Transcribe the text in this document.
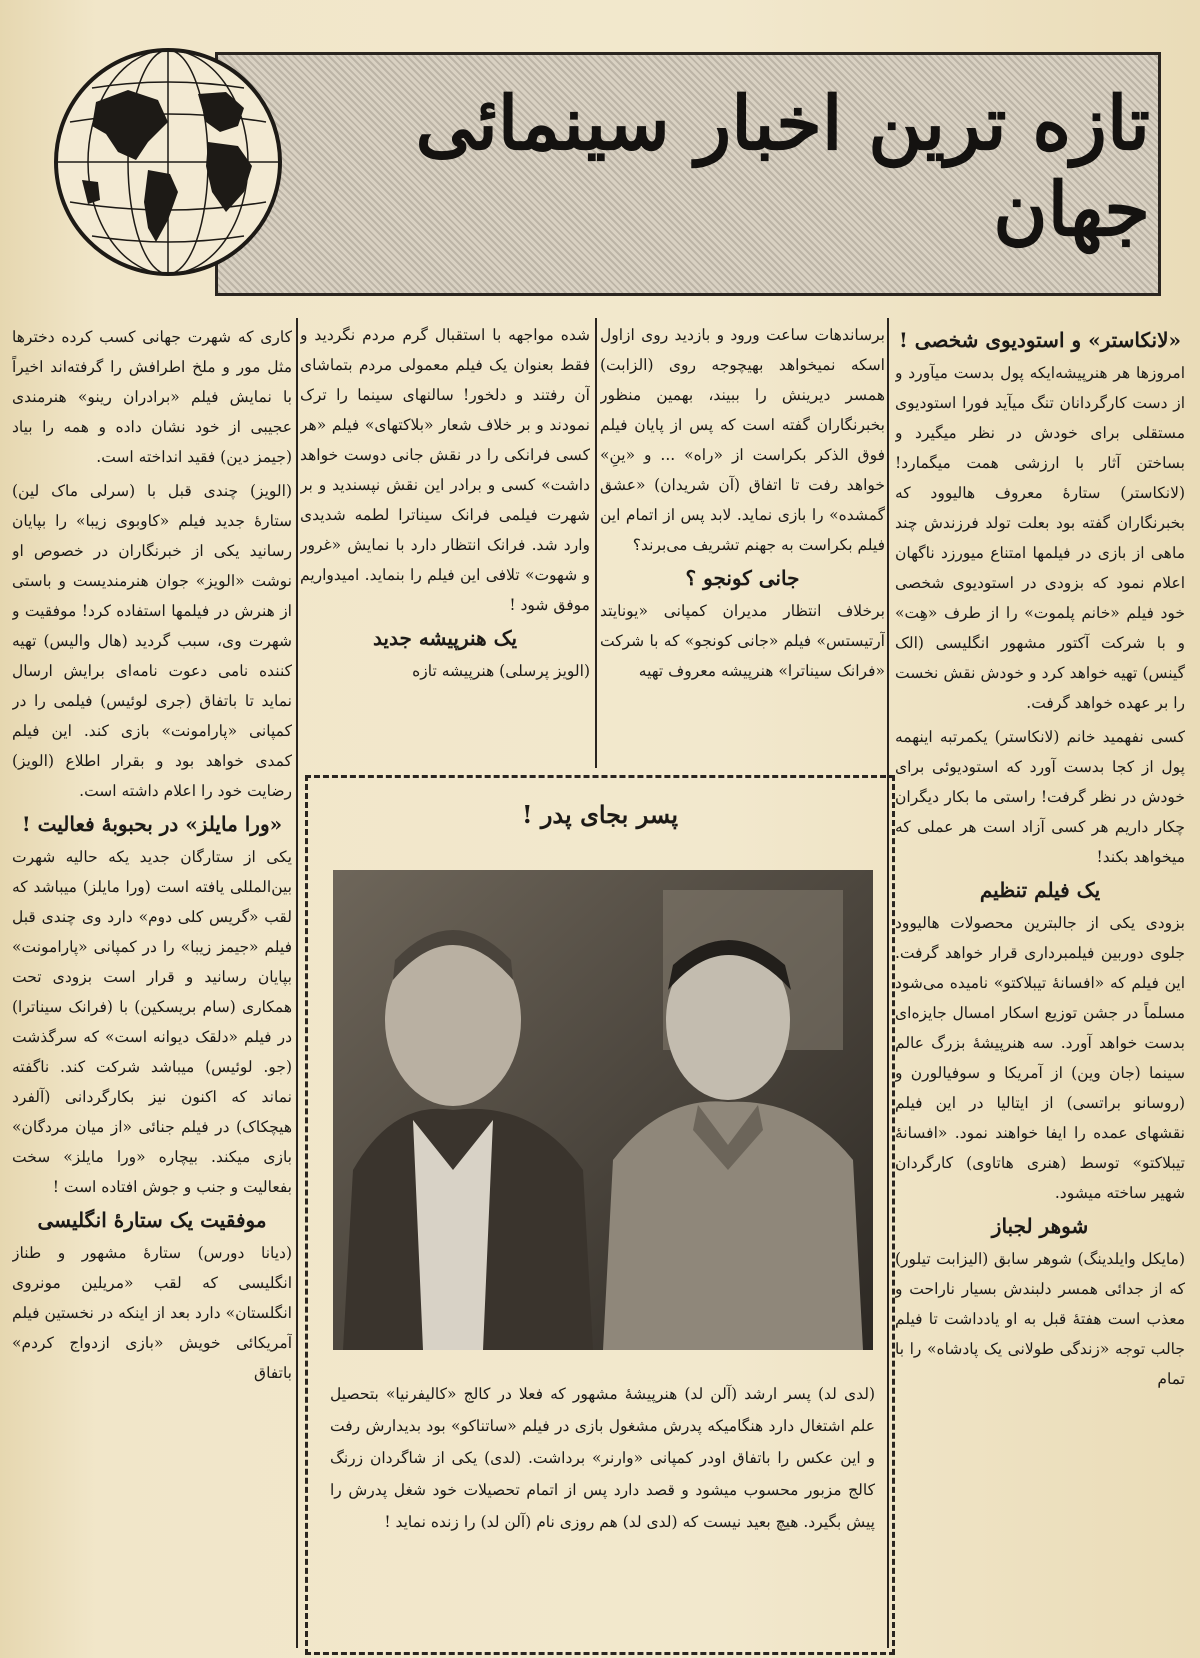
تازه ترین اخبار سینمائی جهان
«لانکاستر» و استودیوی شخصی !

امروزها هر هنرپیشه‌ایکه پول بدست میآورد و از دست کارگردانان تنگ میآید فورا استودیوی مستقلی برای خودش در نظر میگیرد و بساختن آثار با ارزشی همت میگمارد! (لانکاستر) ستارهٔ معروف هالیوود که بخبرنگاران گفته بود بعلت تولد فرزندش چند ماهی از بازی در فیلمها امتناع میورزد ناگهان اعلام نمود که بزودی در استودیوی شخصی خود فیلم «خانم پلموت» را از طرف «هِت» و با شرکت آکتور مشهور انگلیسی (الک گینس) تهیه خواهد کرد و خودش نقش نخست را بر عهده خواهد گرفت.

کسی نفهمید خانم (لانکاستر) یکمرتبه اینهمه پول از کجا بدست آورد که استودیوئی برای خودش در نظر گرفت! راستی ما بکار دیگران چکار داریم هر کسی آزاد است هر عملی که میخواهد بکند!

یک فیلم تنظیم

بزودی یکی از جالبترین محصولات هالیوود جلوی دوربین فیلمبرداری قرار خواهد گرفت. این فیلم که «افسانهٔ تیبلاکتو» نامیده می‌شود مسلماً در جشن توزیع اسکار امسال جایزه‌ای بدست خواهد آورد. سه هنرپیشهٔ بزرگ عالم سینما (جان وین) از آمریکا و سوفیالورن و (روسانو براتسی) از ایتالیا در این فیلم نقشهای عمده را ایفا خواهند نمود. «افسانهٔ تیبلاکتو» توسط (هنری هاتاوی) کارگردان شهیر ساخته میشود.

شوهر لجباز

(مایکل وایلدینگ) شوهر سابق (الیزابت تیلور) که از جدائی همسر دلبندش بسیار ناراحت و معذب است هفتهٔ قبل به او یادداشت تا فیلم جالب توجه «زندگی طولانی یک پادشاه» را با تمام

برساندهات ساعت ورود و بازدید روی ازاول اسکه نمیخواهد بهیچوجه روی (الزابت) همسر دیرینش را ببیند، بهمین منظور بخبرنگاران گفته است که پس از پایان فیلم فوق الذکر بکراست از «راه» ... و «ینِ» خواهد رفت تا اتفاق (آن شریدان) «عشق گمشده» را بازی نماید. لابد پس از اتمام این فیلم بکراست به جهنم تشریف می‌برند؟

جانی کونجو ؟

برخلاف انتظار مدیران کمپانی «یونایتد آرتیستس» فیلم «جانی کونجو» که با شرکت «فرانک سیناترا» هنرپیشه معروف تهیه

شده مواجهه با استقبال گرم مردم نگردید و فقط بعنوان یک فیلم معمولی مردم بتماشای آن رفتند و دلخور! سالنهای سینما را ترک نمودند و بر خلاف شعار «بلاکتهای» فیلم «هر کسی فرانکی را در نقش جانی دوست خواهد داشت» کسی و برادر این نقش نپسندید و بر شهرت فیلمی فرانک سیناترا لطمه شدیدی وارد شد. فرانک انتظار دارد با نمایش «غرور و شهوت» تلافی این فیلم را بنماید. امیدواریم موفق شود !

یک هنرپیشه جدید

(الویز پرسلی) هنرپیشه تازه

کاری که شهرت جهانی کسب کرده دخترها مثل مور و ملخ اطرافش را گرفته‌اند اخیراً با نمایش فیلم «برادران رینو» هنرمندی عجیبی از خود نشان داده و همه را بیاد (جیمز دین) فقید انداخته است.

(الویز) چندی قبل با (سرلی ماک لین) ستارهٔ جدید فیلم «کاوبوی زیبا» را بپایان رسانید یکی از خبرنگاران در خصوص او نوشت «الویز» جوان هنرمندیست و باستی از هنرش در فیلمها استفاده کرد! موفقیت و شهرت وی، سبب گردید (هال والیس) تهیه کننده نامی دعوت نامه‌ای برایش ارسال نماید تا باتفاق (جری لوئیس) فیلمی را در کمپانی «پارامونت» بازی کند. این فیلم کمدی خواهد بود و بقرار اطلاع (الویز) رضایت خود را اعلام داشته است.

«ورا مایلز» در بحبوبهٔ فعالیت !

یکی از ستارگان جدید یکه حالیه شهرت بین‌المللی یافته است (ورا مایلز) میباشد که لقب «گریس کلی دوم» دارد وی چندی قبل فیلم «جیمز زیبا» را در کمپانی «پارامونت» بپایان رسانید و قرار است بزودی تحت همکاری (سام بریسکین) با (فرانک سیناترا) در فیلم «دلقک دیوانه است» که سرگذشت (جو. لوئیس) میباشد شرکت کند. ناگفته نماند که اکنون نیز بکارگردانی (آلفرد هیچکاک) در فیلم جنائی «از میان مردگان» بازی میکند. بیچاره «ورا مایلز» سخت بفعالیت و جنب و جوش افتاده است !

موفقیت یک ستارهٔ انگلیسی

(دیانا دورس) ستارهٔ مشهور و طناز انگلیسی که لقب «مریلین مونروی انگلستان» دارد بعد از اینکه در نخستین فیلم آمریکائی خویش «بازی ازدواج کردم» باتفاق

پسر بجای پدر !
(لدی لد) پسر ارشد (آلن لد) هنرپیشهٔ مشهور که فعلا در کالج «کالیفرنیا» بتحصیل علم اشتغال دارد هنگامیکه پدرش مشغول بازی در فیلم «ساتناکو» بود بدیدارش رفت و این عکس را باتفاق اودر کمپانی «وارنر» برداشت. (لدی) یکی از شاگردان زرنگ کالج مزبور محسوب میشود و قصد دارد پس از اتمام تحصیلات خود شغل پدرش را پیش بگیرد. هیچ بعید نیست که (لدی لد) هم روزی نام (آلن لد) را زنده نماید !
